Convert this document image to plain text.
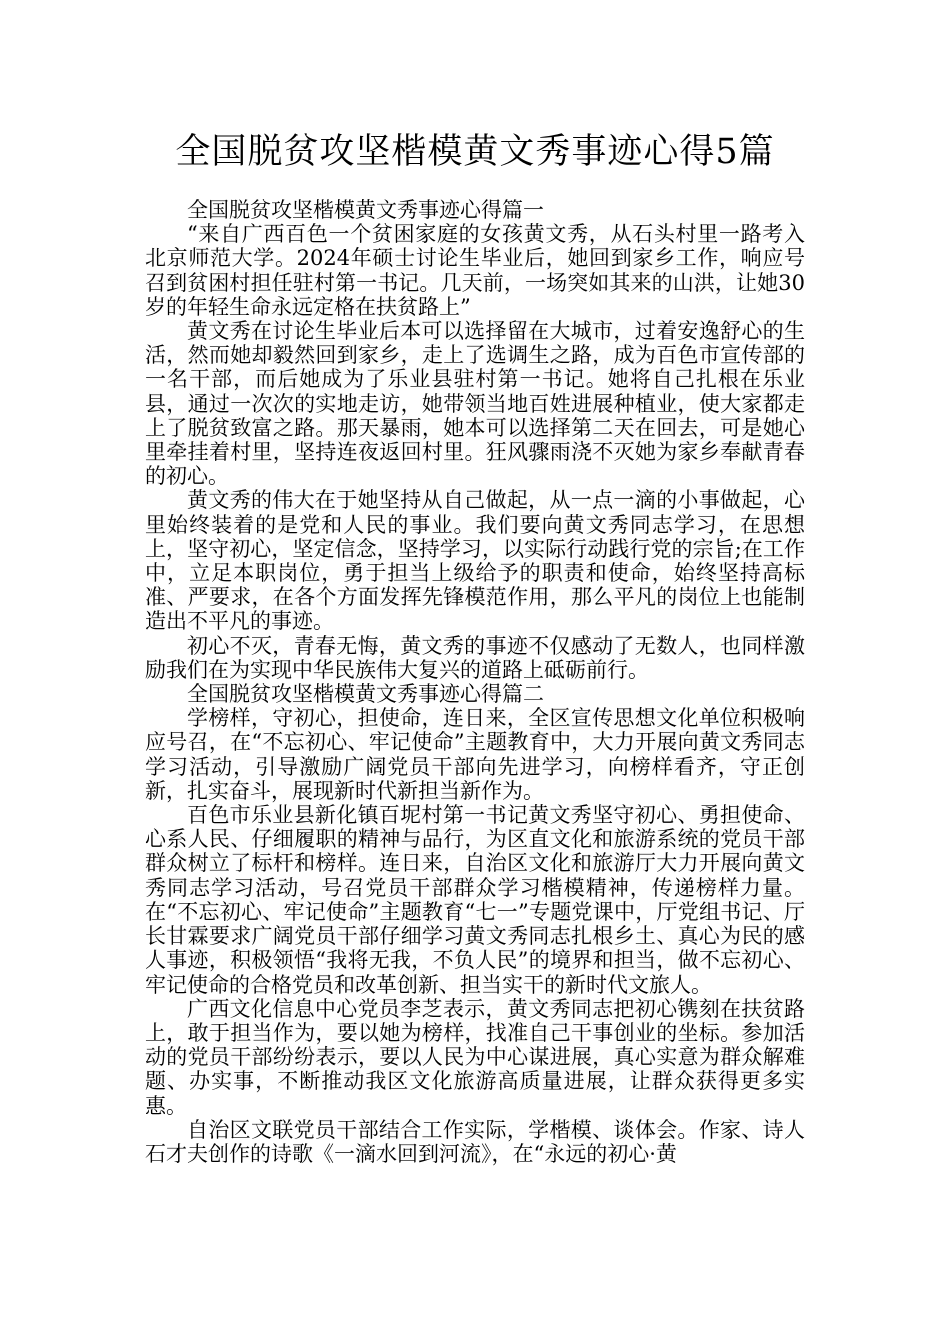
全国脱贫攻坚楷模黄文秀事迹心得5篇

全国脱贫攻坚楷模黄文秀事迹心得篇一

“来自广西百色一个贫困家庭的女孩黄文秀，从石头村里一路考入北京师范大学。2024年硕士讨论生毕业后，她回到家乡工作，响应号召到贫困村担任驻村第一书记。几天前，一场突如其来的山洪，让她30岁的年轻生命永远定格在扶贫路上”

黄文秀在讨论生毕业后本可以选择留在大城市，过着安逸舒心的生活，然而她却毅然回到家乡，走上了选调生之路，成为百色市宣传部的一名干部，而后她成为了乐业县驻村第一书记。她将自己扎根在乐业县，通过一次次的实地走访，她带领当地百姓进展种植业，使大家都走上了脱贫致富之路。那天暴雨，她本可以选择第二天在回去，可是她心里牵挂着村里，坚持连夜返回村里。狂风骤雨浇不灭她为家乡奉献青春的初心。

黄文秀的伟大在于她坚持从自己做起，从一点一滴的小事做起，心里始终装着的是党和人民的事业。我们要向黄文秀同志学习，在思想上，坚守初心，坚定信念，坚持学习，以实际行动践行党的宗旨;在工作中，立足本职岗位，勇于担当上级给予的职责和使命，始终坚持高标准、严要求，在各个方面发挥先锋模范作用，那么平凡的岗位上也能制造出不平凡的事迹。

初心不灭，青春无悔，黄文秀的事迹不仅感动了无数人，也同样激励我们在为实现中华民族伟大复兴的道路上砥砺前行。

全国脱贫攻坚楷模黄文秀事迹心得篇二

学榜样，守初心，担使命，连日来，全区宣传思想文化单位积极响应号召，在“不忘初心、牢记使命”主题教育中，大力开展向黄文秀同志学习活动，引导激励广阔党员干部向先进学习，向榜样看齐，守正创新，扎实奋斗，展现新时代新担当新作为。

百色市乐业县新化镇百坭村第一书记黄文秀坚守初心、勇担使命、心系人民、仔细履职的精神与品行，为区直文化和旅游系统的党员干部群众树立了标杆和榜样。连日来，自治区文化和旅游厅大力开展向黄文秀同志学习活动，号召党员干部群众学习楷模精神，传递榜样力量。在“不忘初心、牢记使命”主题教育“七一”专题党课中，厅党组书记、厅长甘霖要求广阔党员干部仔细学习黄文秀同志扎根乡土、真心为民的感人事迹，积极领悟“我将无我，不负人民”的境界和担当，做不忘初心、牢记使命的合格党员和改革创新、担当实干的新时代文旅人。

广西文化信息中心党员李芝表示，黄文秀同志把初心镌刻在扶贫路上，敢于担当作为，要以她为榜样，找准自己干事创业的坐标。参加活动的党员干部纷纷表示，要以人民为中心谋进展，真心实意为群众解难题、办实事，不断推动我区文化旅游高质量进展，让群众获得更多实惠。

自治区文联党员干部结合工作实际，学楷模、谈体会。作家、诗人石才夫创作的诗歌《一滴水回到河流》，在“永远的初心·黄
